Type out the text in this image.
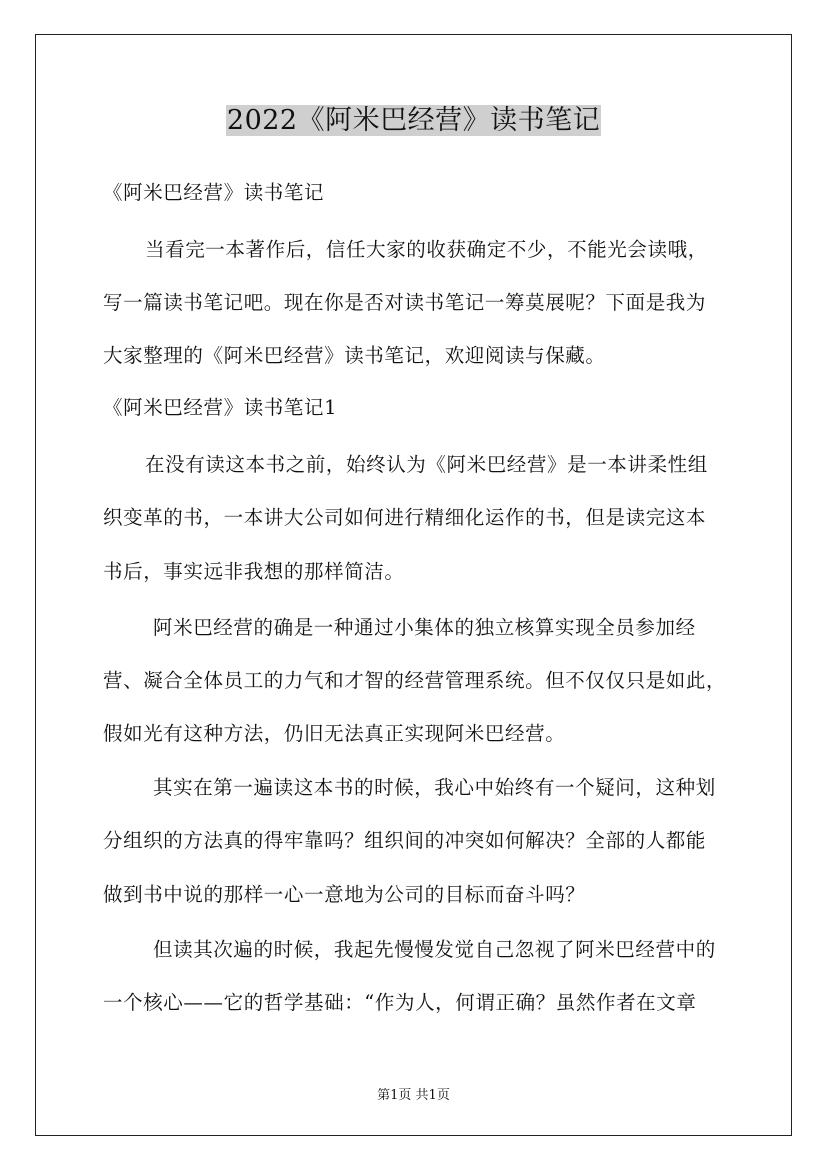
2022《阿米巴经营》读书笔记
《阿米巴经营》读书笔记
当看完一本著作后，信任大家的收获确定不少，不能光会读哦，
写一篇读书笔记吧。现在你是否对读书笔记一筹莫展呢？下面是我为
大家整理的《阿米巴经营》读书笔记，欢迎阅读与保藏。
《阿米巴经营》读书笔记1
在没有读这本书之前，始终认为《阿米巴经营》是一本讲柔性组
织变革的书，一本讲大公司如何进行精细化运作的书，但是读完这本
书后，事实远非我想的那样简洁。
阿米巴经营的确是一种通过小集体的独立核算实现全员参加经
营、凝合全体员工的力气和才智的经营管理系统。但不仅仅只是如此，
假如光有这种方法，仍旧无法真正实现阿米巴经营。
其实在第一遍读这本书的时候，我心中始终有一个疑问，这种划
分组织的方法真的得牢靠吗？组织间的冲突如何解决？全部的人都能
做到书中说的那样一心一意地为公司的目标而奋斗吗？
但读其次遍的时候，我起先慢慢发觉自己忽视了阿米巴经营中的
一个核心——它的哲学基础：“作为人，何谓正确？虽然作者在文章
第1页 共1页
